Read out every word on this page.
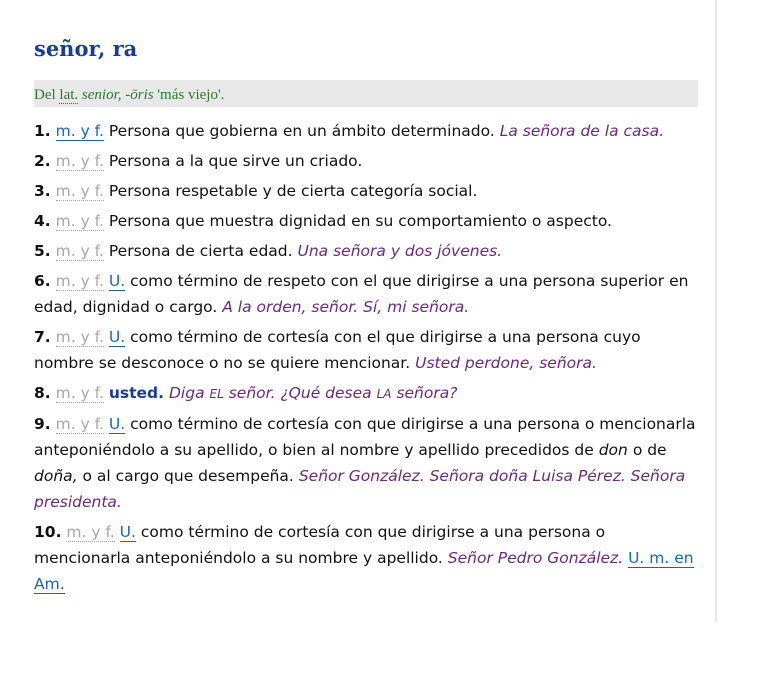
señor, ra
Del lat. senior, -ōris 'más viejo'.

1. m. y f. Persona que gobierna en un ámbito determinado. La señora de la casa.

2. m. y f. Persona a la que sirve un criado.

3. m. y f. Persona respetable y de cierta categoría social.

4. m. y f. Persona que muestra dignidad en su comportamiento o aspecto.

5. m. y f. Persona de cierta edad. Una señora y dos jóvenes.

6. m. y f. U. como término de respeto con el que dirigirse a una persona superior en edad, dignidad o cargo. A la orden, señor. Sí, mi señora.

7. m. y f. U. como término de cortesía con el que dirigirse a una persona cuyo nombre se desconoce o no se quiere mencionar. Usted perdone, señora.

8. m. y f. usted. Diga EL señor. ¿Qué desea LA señora?

9. m. y f. U. como término de cortesía con que dirigirse a una persona o mencionarla anteponiéndolo a su apellido, o bien al nombre y apellido precedidos de don o de doña, o al cargo que desempeña. Señor González. Señora doña Luisa Pérez. Señora presidenta.

10. m. y f. U. como término de cortesía con que dirigirse a una persona o mencionarla anteponiéndolo a su nombre y apellido. Señor Pedro González. U. m. en Am.
